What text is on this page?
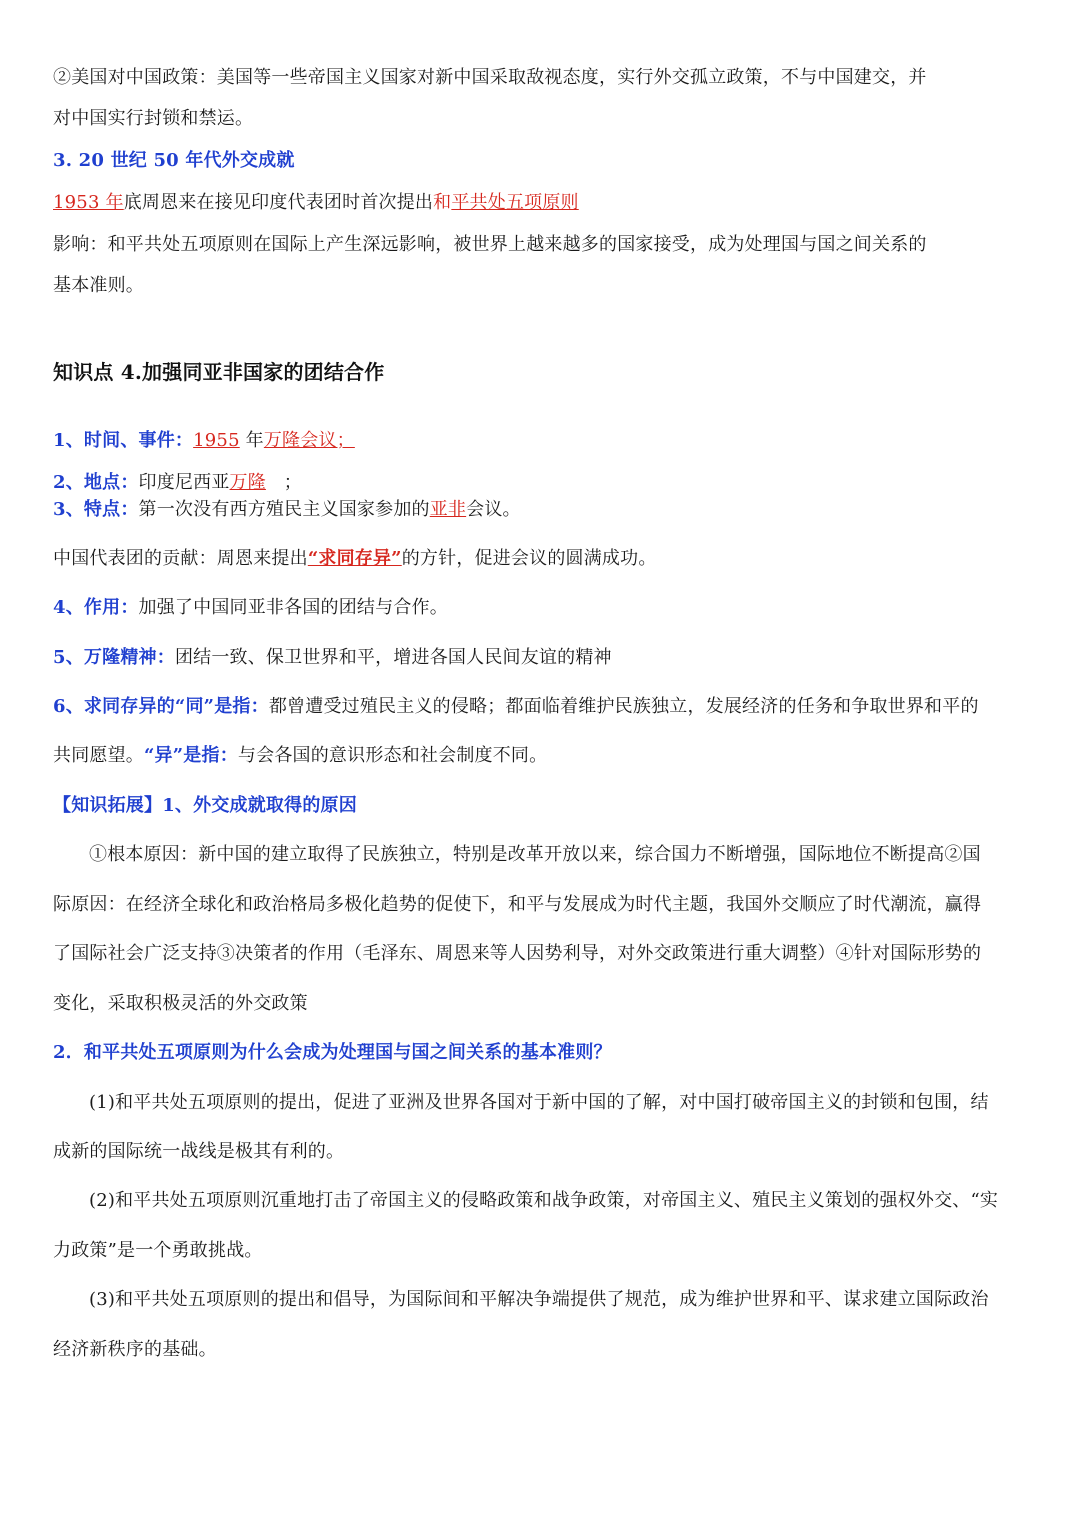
②美国对中国政策：美国等一些帝国主义国家对新中国采取敌视态度，实行外交孤立政策，不与中国建交，并
对中国实行封锁和禁运。
3. 20 世纪 50 年代外交成就
1953 年底周恩来在接见印度代表团时首次提出和平共处五项原则
影响：和平共处五项原则在国际上产生深远影响，被世界上越来越多的国家接受，成为处理国与国之间关系的
基本准则。
知识点 4.加强同亚非国家的团结合作
1、时间、事件：1955 年万隆会议；
2、地点：印度尼西亚万隆   ；
3、特点：第一次没有西方殖民主义国家参加的亚非会议。
中国代表团的贡献：周恩来提出“求同存异”的方针，促进会议的圆满成功。
4、作用：加强了中国同亚非各国的团结与合作。
5、万隆精神：团结一致、保卫世界和平，增进各国人民间友谊的精神
6、求同存异的“同”是指：都曾遭受过殖民主义的侵略；都面临着维护民族独立，发展经济的任务和争取世界和平的
共同愿望。“异”是指：与会各国的意识形态和社会制度不同。
【知识拓展】1、外交成就取得的原因
①根本原因：新中国的建立取得了民族独立，特别是改革开放以来，综合国力不断增强，国际地位不断提高②国
际原因：在经济全球化和政治格局多极化趋势的促使下，和平与发展成为时代主题，我国外交顺应了时代潮流，赢得
了国际社会广泛支持③决策者的作用（毛泽东、周恩来等人因势利导，对外交政策进行重大调整）④针对国际形势的
变化，采取积极灵活的外交政策
2．和平共处五项原则为什么会成为处理国与国之间关系的基本准则？
(1)和平共处五项原则的提出，促进了亚洲及世界各国对于新中国的了解，对中国打破帝国主义的封锁和包围，结
成新的国际统一战线是极其有利的。
(2)和平共处五项原则沉重地打击了帝国主义的侵略政策和战争政策，对帝国主义、殖民主义策划的强权外交、“实
力政策”是一个勇敢挑战。
(3)和平共处五项原则的提出和倡导，为国际间和平解决争端提供了规范，成为维护世界和平、谋求建立国际政治
经济新秩序的基础。
